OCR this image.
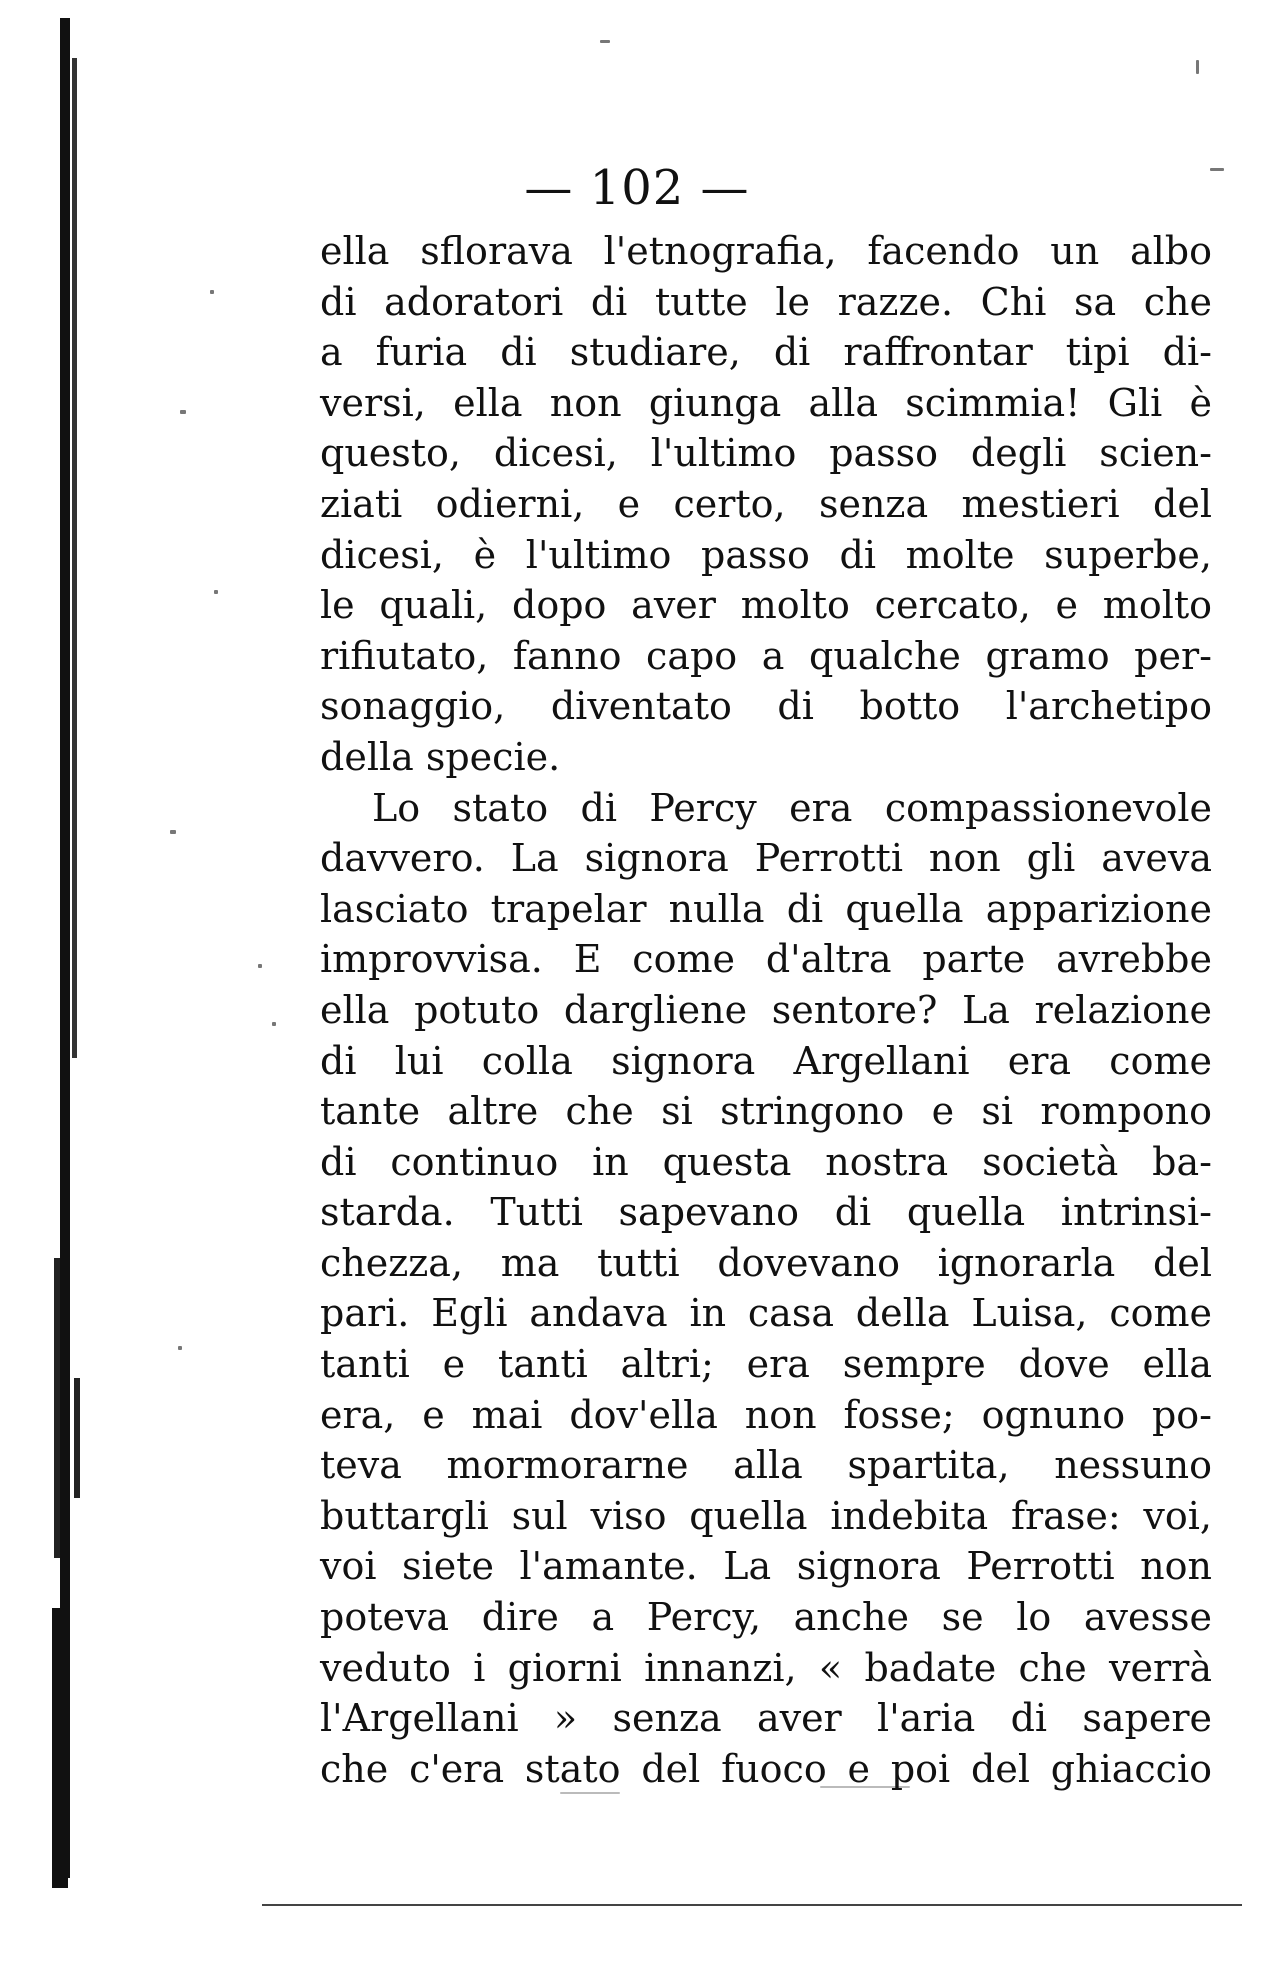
— 102 —
ella sflorava l'etnografia, facendo un albo
di adoratori di tutte le razze. Chi sa che
a furia di studiare, di raffrontar tipi di-
versi, ella non giunga alla scimmia! Gli è
questo, dicesi, l'ultimo passo degli scien-
ziati odierni, e certo, senza mestieri del
dicesi, è l'ultimo passo di molte superbe,
le quali, dopo aver molto cercato, e molto
rifiutato, fanno capo a qualche gramo per-
sonaggio, diventato di botto l'archetipo
della specie.
Lo stato di Percy era compassionevole
davvero. La signora Perrotti non gli aveva
lasciato trapelar nulla di quella apparizione
improvvisa. E come d'altra parte avrebbe
ella potuto dargliene sentore? La relazione
di lui colla signora Argellani era come
tante altre che si stringono e si rompono
di continuo in questa nostra società ba-
starda. Tutti sapevano di quella intrinsi-
chezza, ma tutti dovevano ignorarla del
pari. Egli andava in casa della Luisa, come
tanti e tanti altri; era sempre dove ella
era, e mai dov'ella non fosse; ognuno po-
teva mormorarne alla spartita, nessuno
buttargli sul viso quella indebita frase: voi,
voi siete l'amante. La signora Perrotti non
poteva dire a Percy, anche se lo avesse
veduto i giorni innanzi, « badate che verrà
l'Argellani » senza aver l'aria di sapere
che c'era stato del fuoco e poi del ghiaccio
